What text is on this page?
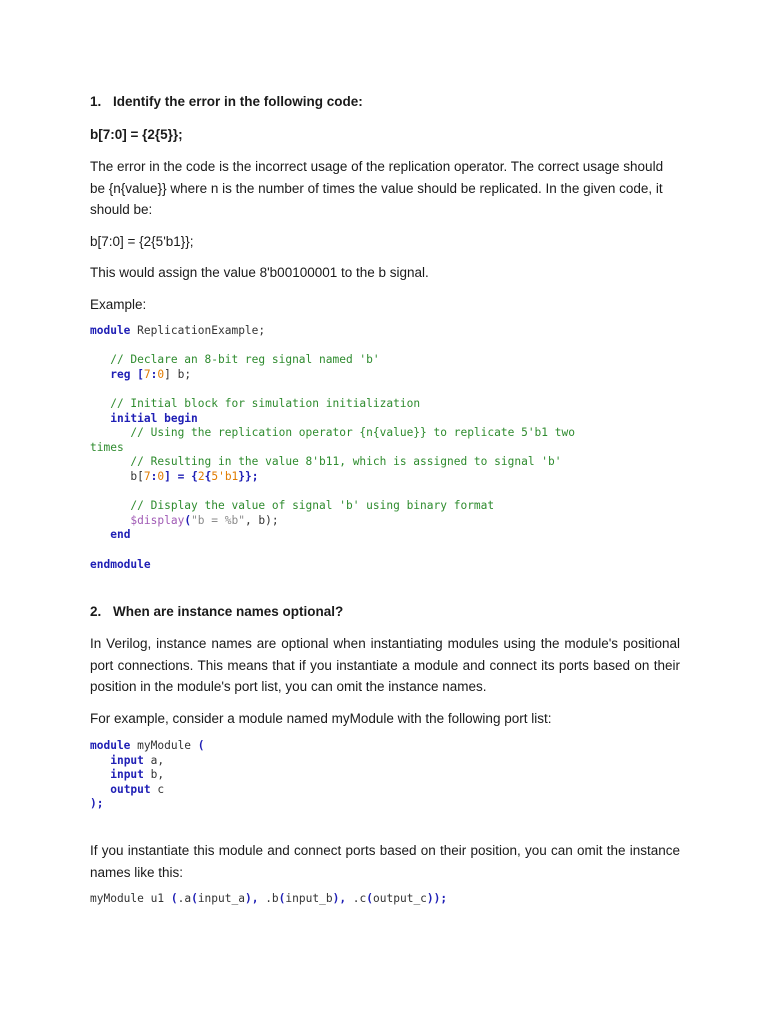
1. Identify the error in the following code:

b[7:0] = {2{5}};

The error in the code is the incorrect usage of the replication operator. The correct usage should be {n{value}} where n is the number of times the value should be replicated. In the given code, it should be:

b[7:0] = {2{5'b1}};

This would assign the value 8'b00100001 to the b signal.

Example:

module ReplicationExample;

// Declare an 8-bit reg signal named 'b'
reg [7:0] b;

// Initial block for simulation initialization
initial begin
// Using the replication operator {n{value}} to replicate 5'b1 two
times
// Resulting in the value 8'b11, which is assigned to signal 'b'
b[7:0] = {2{5'b1}};

// Display the value of signal 'b' using binary format
$display("b = %b", b);
end

endmodule

2. When are instance names optional?

In Verilog, instance names are optional when instantiating modules using the module's positional port connections. This means that if you instantiate a module and connect its ports based on their position in the module's port list, you can omit the instance names.

For example, consider a module named myModule with the following port list:

module myModule (
input a,
input b,
output c
);

If you instantiate this module and connect ports based on their position, you can omit the instance names like this:

myModule u1 (.a(input_a), .b(input_b), .c(output_c));
